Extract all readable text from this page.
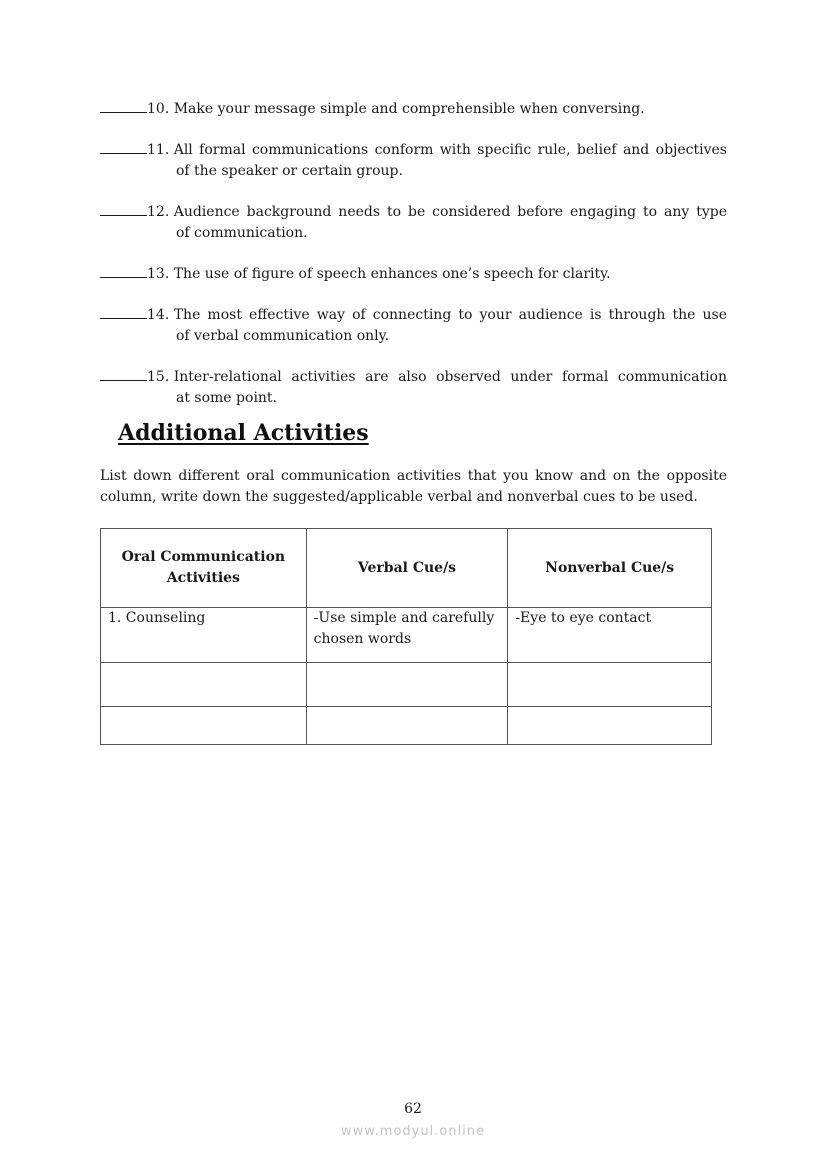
10.
Make your message simple and comprehensible when conversing.
11.
All formal communications conform with specific rule, belief and objectives
of the speaker or certain group.
12.
Audience background needs to be considered before engaging to any type
of communication.
13.
The use of figure of speech enhances one’s speech for clarity.
14.
The most effective way of connecting to your audience is through the use
of verbal communication only.
15.
Inter-relational activities are also observed under formal communication
at some point.
Additional Activities

List down different oral communication activities that you know and on the opposite column, write down the suggested/applicable verbal and nonverbal cues to be used.

Oral Communication Activities	Verbal Cue/s	Nonverbal Cue/s
1. Counseling	-Use simple and carefully chosen words	-Eye to eye contact

62

www.modyul.online
